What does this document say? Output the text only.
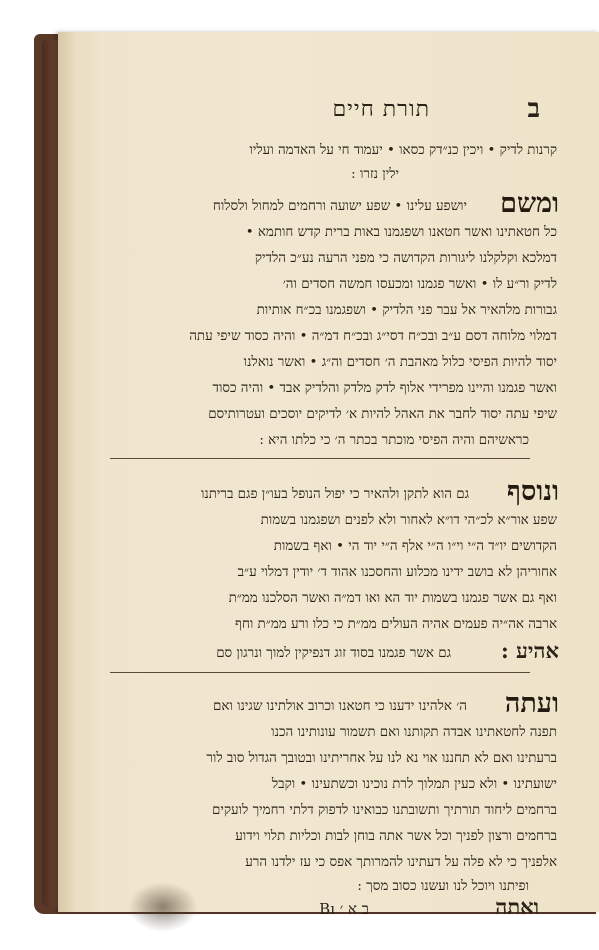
תורת חיים	ב
קרנות לדיק • ויכין כנ״דק כסאו • יעמוד חי על האדמה ועליו
ילין נזרו :
ומשם
יושפע עלינו • שפע ישועה ורחמים למחול ולסלוח
כל חטאתינו ואשר חטאנו ושפגמנו באות ברית קדש חותמא •
דמלכא וקלקלנו ליגורות הקדושה כי מפני הרעה נע״כ הלדיק
לדיק ור״ע לו • ואשר פגמנו ומכעסו חמשה חסדים וה׳
גבורות מלהאיר אל עבר פני הלדיק • ושפגמנו בכ״ח אותיות
דמלוי מלוחה דסם ע״ב ובכ״ח דסי״ג ובכ״ח דמ״ה • והיה כסוד שיפי עתה
יסוד להיות הפיסי כלול מאהבת ה׳ חסדים וה״ג • ואשר נואלנו
ואשר פגמנו והיינו מפרידי אלוף לדק מלדק והלדיק אבד • והיה כסוד
שיפי עתה יסוד לחבר את האהל להיות א׳ לדיקים יוסכים ועטרותיסם
כראשיהם והיה הפיסי מוכתר בכתר ה׳ כי כלתו היא :
ונוסף
גם הוא לתקן ולהאיר כי יפול הנופל בעו״ן פגם בריתנו
שפע אור״א לכ״הי דו״א לאחור ולא לפנים ושפגמנו בשמות
הקדושים יו״ד ה״י וי״ו ה״י אלף ה״י יוד הי • ואף בשמות
אחוריהן לא בושב ידינו מכלוע והחסכנו אהוד ד׳ יודין דמלוי ע״ב
ואף גם אשר פגמנו בשמות יוד הא ואו דמ״ה ואשר הסלכנו ממ״ת
ארבה אה״יה פעמים אהיה העולים ממ״ת כי כלו ורע ממ״ת וחף
גם אשר פגמנו בסוד זוג דנפיקין למוך ונרגון סם אהיע :
ועתה
ה׳ אלהינו ידענו כי חטאנו וכרוב אולתינו שגינו ואם
תפנה לחטאתינו אבדה תקותנו ואם תשמור עונותינו הכנו
ברעתינו ואם לא תחננו אוי נא לנו על אחריתינו ובטובך הגדול סוב לור
ישועתינו • ולא כעין תמלוך לרת נוכינו וכשתעינו • וקבל
ברחמים ליחוד תורתיך ותשובתנו כבואינו לדפוק דלתי רחמיך לועקים
ברחמים ורצון לפניך וכל אשר אתה בוחן לבות וכליות תלוי וידוע
אלפניך כי לא פלה על דעתינו להמרותך אפס כי עז ילדנו הרע
ופיתנו ויוכל לנו ועשנו כסוב מסך :
ב א ׳ Bı	ואתה
